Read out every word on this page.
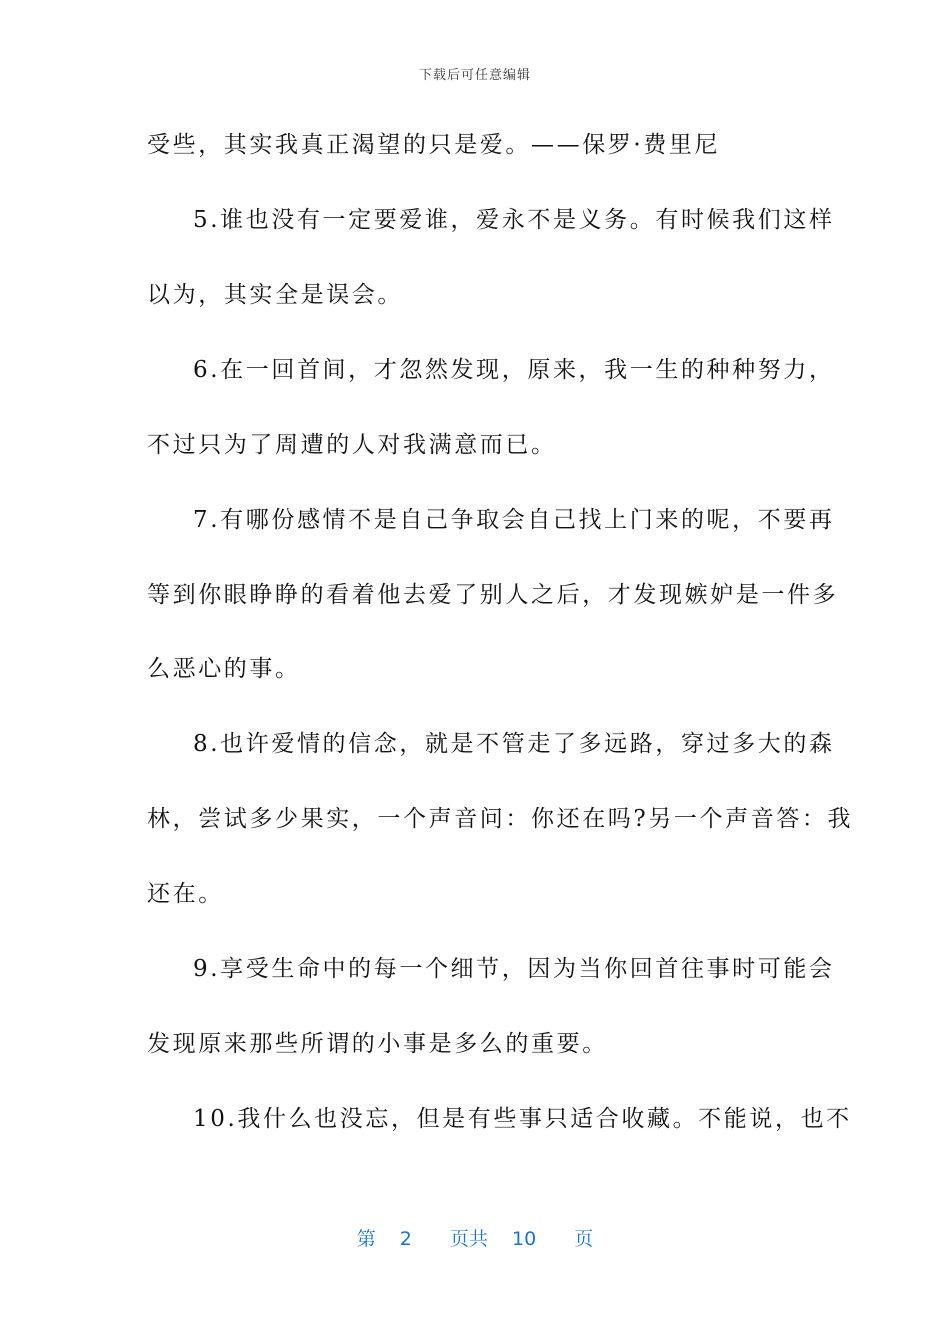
下载后可任意编辑
受些，其实我真正渴望的只是爱。——保罗·费里尼
5.谁也没有一定要爱谁，爱永不是义务。有时候我们这样
以为，其实全是误会。
6.在一回首间，才忽然发现，原来，我一生的种种努力，
不过只为了周遭的人对我满意而已。
7.有哪份感情不是自己争取会自己找上门来的呢，不要再
等到你眼睁睁的看着他去爱了别人之后，才发现嫉妒是一件多
么恶心的事。
8.也许爱情的信念，就是不管走了多远路，穿过多大的森
林，尝试多少果实，一个声音问：你还在吗?另一个声音答：我
还在。
9.享受生命中的每一个细节，因为当你回首往事时可能会
发现原来那些所谓的小事是多么的重要。
10.我什么也没忘，但是有些事只适合收藏。不能说，也不
第 2 页共 10 页
